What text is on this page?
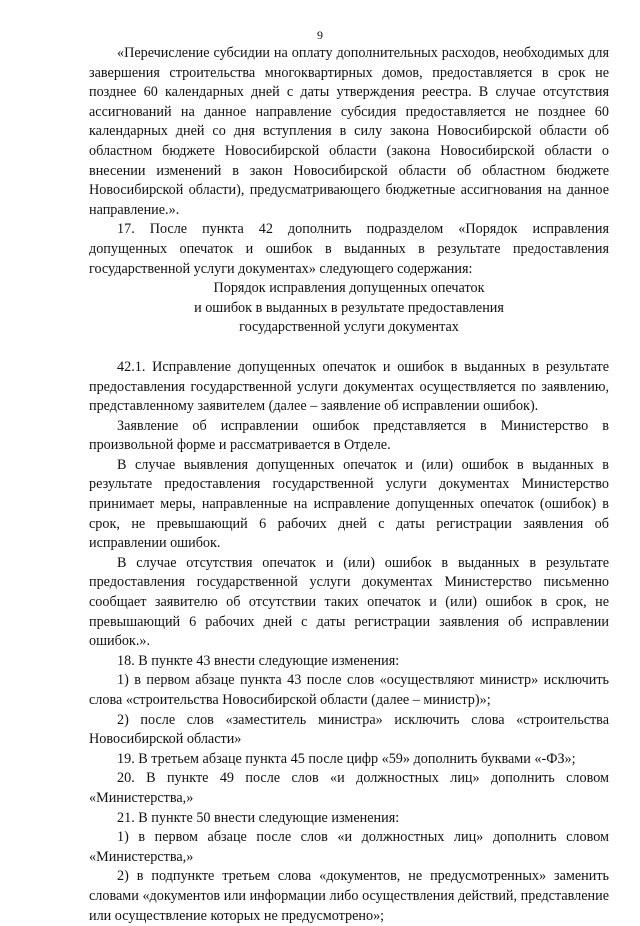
9

«Перечисление субсидии на оплату дополнительных расходов, необходимых для завершения строительства многоквартирных домов, предоставляется в срок не позднее 60 календарных дней с даты утверждения реестра. В случае отсутствия ассигнований на данное направление субсидия предоставляется не позднее 60 календарных дней со дня вступления в силу закона Новосибирской области об областном бюджете Новосибирской области (закона Новосибирской области о внесении изменений в закон Новосибирской области об областном бюджете Новосибирской области), предусматривающего бюджетные ассигнования на данное направление.».

17. После пункта 42 дополнить подразделом «Порядок исправления допущенных опечаток и ошибок в выданных в результате предоставления государственной услуги документах» следующего содержания:

Порядок исправления допущенных опечаток

и ошибок в выданных в результате предоставления

государственной услуги документах

42.1. Исправление допущенных опечаток и ошибок в выданных в результате предоставления государственной услуги документах осуществляется по заявлению, представленному заявителем (далее – заявление об исправлении ошибок).

Заявление об исправлении ошибок представляется в Министерство в произвольной форме и рассматривается в Отделе.

В случае выявления допущенных опечаток и (или) ошибок в выданных в результате предоставления государственной услуги документах Министерство принимает меры, направленные на исправление допущенных опечаток (ошибок) в срок, не превышающий 6 рабочих дней с даты регистрации заявления об исправлении ошибок.

В случае отсутствия опечаток и (или) ошибок в выданных в результате предоставления государственной услуги документах Министерство письменно сообщает заявителю об отсутствии таких опечаток и (или) ошибок в срок, не превышающий 6 рабочих дней с даты регистрации заявления об исправлении ошибок.».

18. В пункте 43 внести следующие изменения:

1) в первом абзаце пункта 43 после слов «осуществляют министр» исключить слова «строительства Новосибирской области (далее – министр)»;

2) после слов «заместитель министра» исключить слова «строительства Новосибирской области»

19. В третьем абзаце пункта 45 после цифр «59» дополнить буквами «-ФЗ»;

20. В пункте 49 после слов «и должностных лиц» дополнить словом «Министерства,»

21. В пункте 50 внести следующие изменения:

1) в первом абзаце после слов «и должностных лиц» дополнить словом «Министерства,»

2) в подпункте третьем слова «документов, не предусмотренных» заменить словами «документов или информации либо осуществления действий, представление или осуществление которых не предусмотрено»;
